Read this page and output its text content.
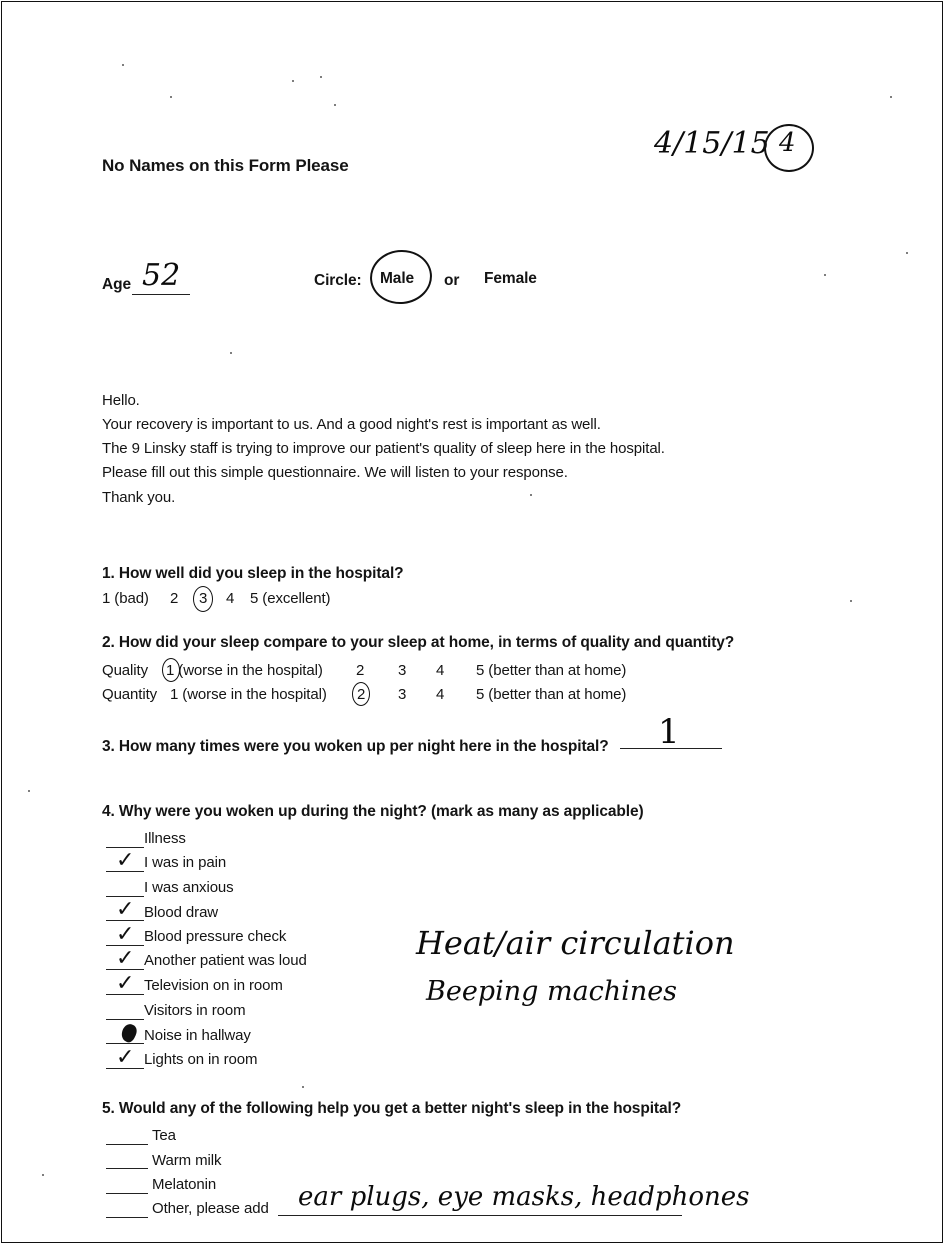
No Names on this Form Please
4/15/15 4
Age 52	Circle: Male or Female
Hello.
Your recovery is important to us. And a good night's rest is important as well.
The 9 Linsky staff is trying to improve our patient's quality of sleep here in the hospital.
Please fill out this simple questionnaire. We will listen to your response.
Thank you.
1. How well did you sleep in the hospital?
1 (bad) 2 3 4 5 (excellent)
2. How did your sleep compare to your sleep at home, in terms of quality and quantity?
Quality 1 (worse in the hospital) 2 3 4 5 (better than at home)
Quantity 1 (worse in the hospital) 2 3 4 5 (better than at home)
3. How many times were you woken up per night here in the hospital? 1
4. Why were you woken up during the night? (mark as many as applicable)
Illness
✓ I was in pain
I was anxious
✓ Blood draw
✓ Blood pressure check
✓ Another patient was loud
✓ Television on in room
Visitors in room
Noise in hallway
✓ Lights on in room
Heat/air circulation
Beeping machines
5. Would any of the following help you get a better night's sleep in the hospital?
Tea
Warm milk
Melatonin
Other, please add ear plugs, eye masks, headphones
